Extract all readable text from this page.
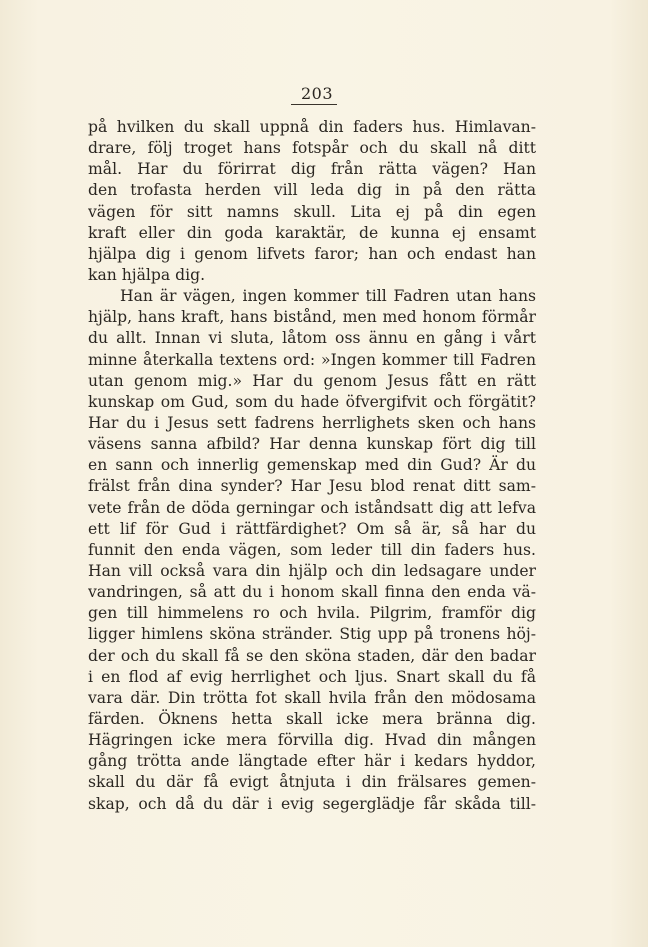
203
på hvilken du skall uppnå din faders hus. Himlavan-
drare, följ troget hans fotspår och du skall nå ditt
mål. Har du förirrat dig från rätta vägen? Han
den trofasta herden vill leda dig in på den rätta
vägen för sitt namns skull. Lita ej på din egen
kraft eller din goda karaktär, de kunna ej ensamt
hjälpa dig i genom lifvets faror; han och endast han
kan hjälpa dig.
Han är vägen, ingen kommer till Fadren utan hans
hjälp, hans kraft, hans bistånd, men med honom förmår
du allt. Innan vi sluta, låtom oss ännu en gång i vårt
minne återkalla textens ord: »Ingen kommer till Fadren
utan genom mig.» Har du genom Jesus fått en rätt
kunskap om Gud, som du hade öfvergifvit och förgätit?
Har du i Jesus sett fadrens herrlighets sken och hans
väsens sanna afbild? Har denna kunskap fört dig till
en sann och innerlig gemenskap med din Gud? Är du
frälst från dina synder? Har Jesu blod renat ditt sam-
vete från de döda gerningar och iståndsatt dig att lefva
ett lif för Gud i rättfärdighet? Om så är, så har du
funnit den enda vägen, som leder till din faders hus.
Han vill också vara din hjälp och din ledsagare under
vandringen, så att du i honom skall finna den enda vä-
gen till himmelens ro och hvila. Pilgrim, framför dig
ligger himlens sköna stränder. Stig upp på tronens höj-
der och du skall få se den sköna staden, där den badar
i en flod af evig herrlighet och ljus. Snart skall du få
vara där. Din trötta fot skall hvila från den mödosama
färden. Öknens hetta skall icke mera bränna dig.
Hägringen icke mera förvilla dig. Hvad din mången
gång trötta ande längtade efter här i kedars hyddor,
skall du där få evigt åtnjuta i din frälsares gemen-
skap, och då du där i evig segerglädje får skåda till-
